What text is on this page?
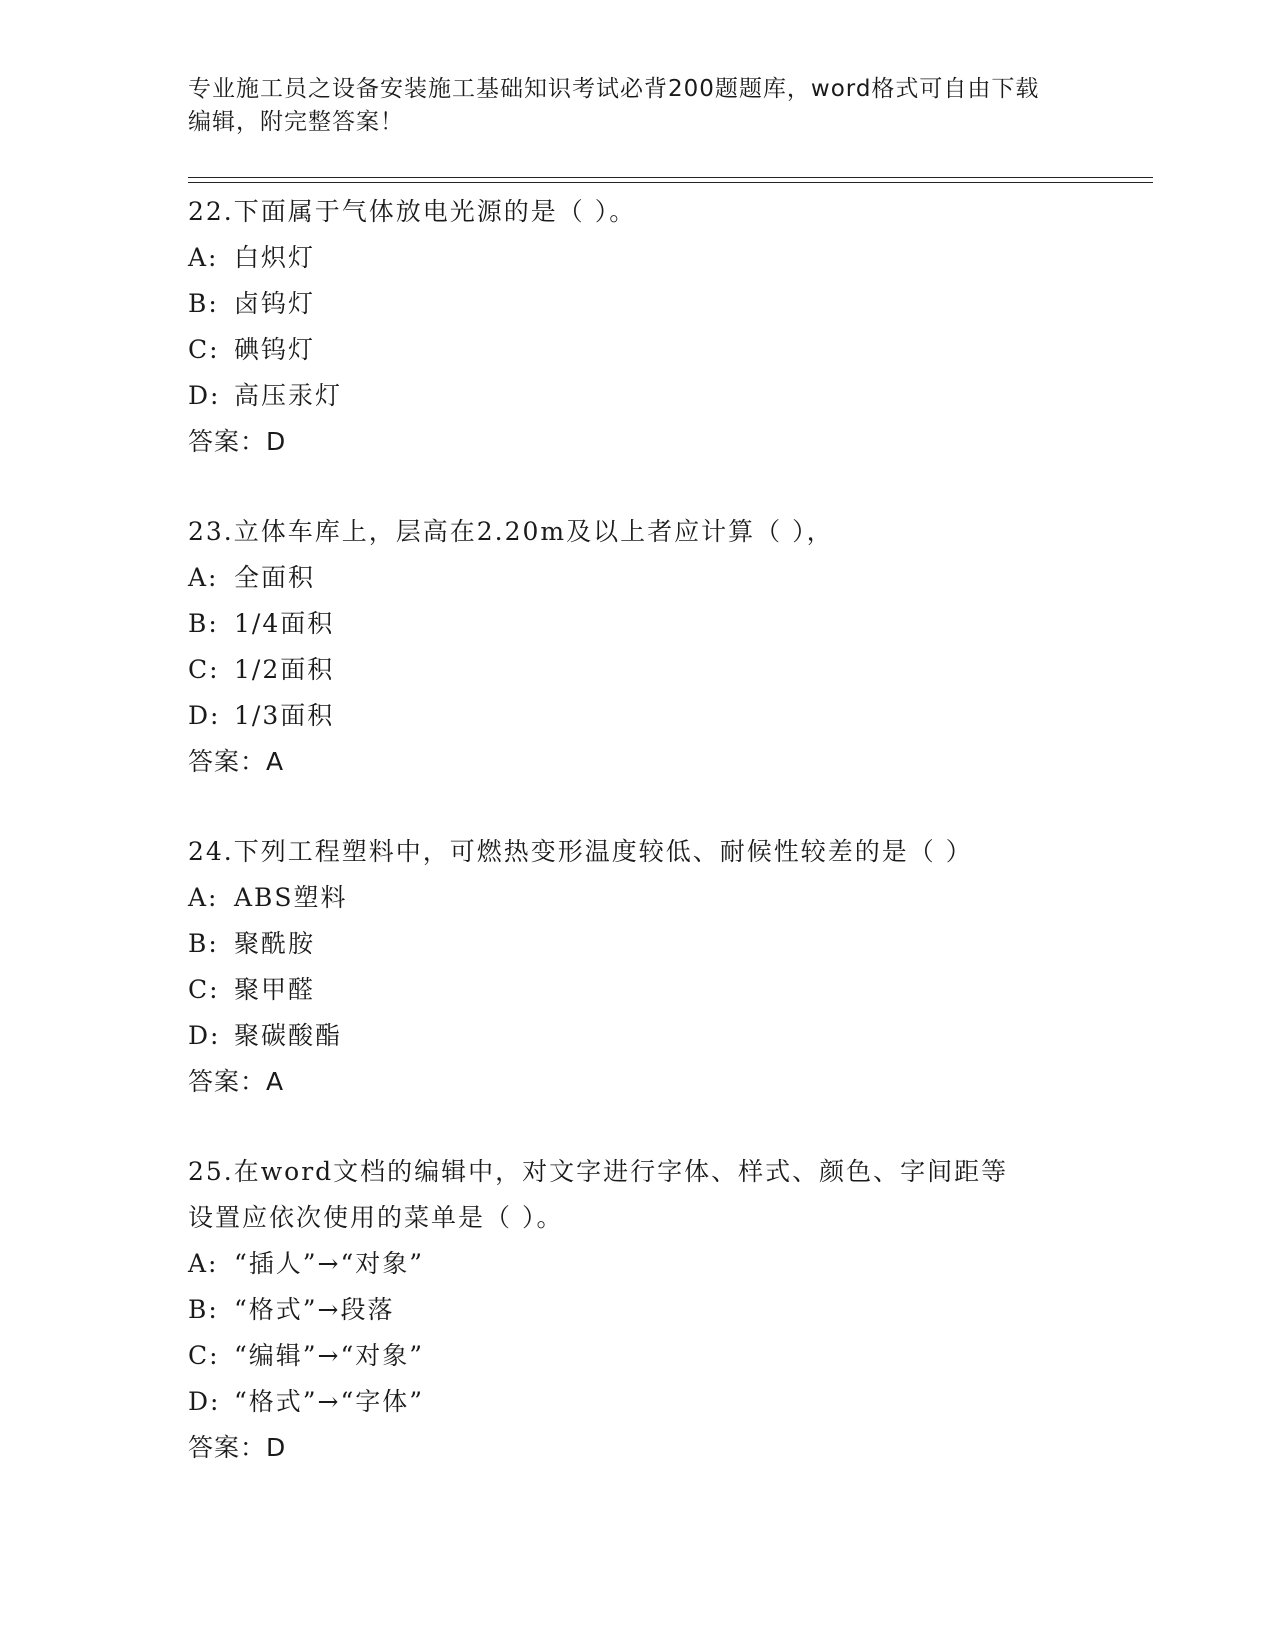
专业施工员之设备安装施工基础知识考试必背200题题库，word格式可自由下载
编辑，附完整答案！
22.下面属于气体放电光源的是（ ）。
A: 白炽灯
B: 卤钨灯
C: 碘钨灯
D: 高压汞灯
答案：D
23.立体车库上，层高在2.20m及以上者应计算（ ），
A: 全面积
B: 1/4面积
C: 1/2面积
D: 1/3面积
答案：A
24.下列工程塑料中，可燃热变形温度较低、耐候性较差的是（ ）
A: ABS塑料
B: 聚酰胺
C: 聚甲醛
D: 聚碳酸酯
答案：A
25.在word文档的编辑中，对文字进行字体、样式、颜色、字间距等
设置应依次使用的菜单是（ ）。
A: “插人”→“对象”
B: “格式”→段落
C: “编辑”→“对象”
D: “格式”→“字体”
答案：D
